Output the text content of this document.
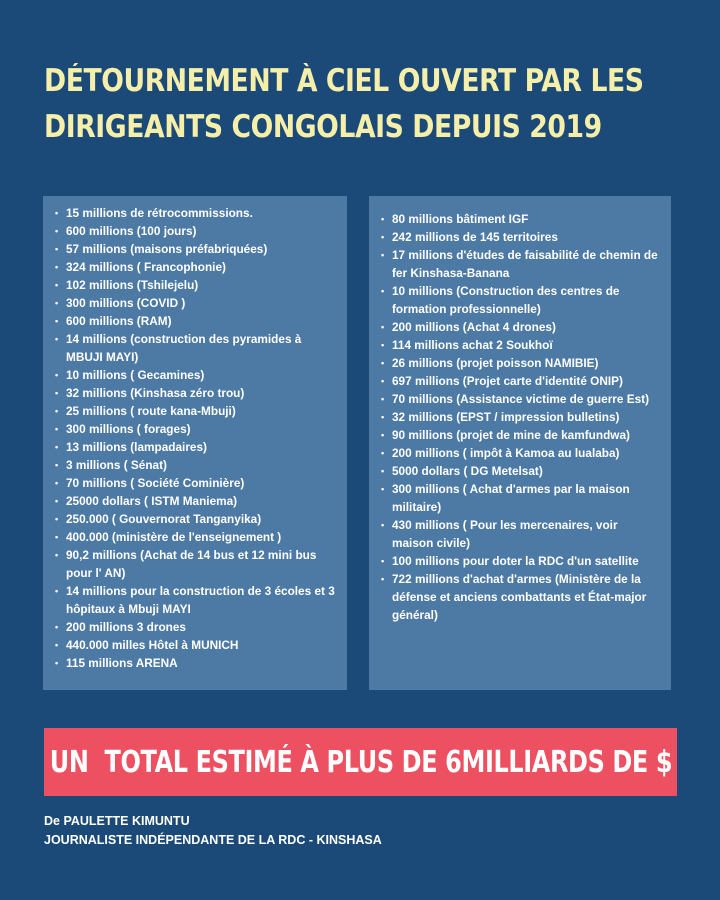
DÉTOURNEMENT À CIEL OUVERT PAR LES
DIRIGEANTS CONGOLAIS DEPUIS 2019
• 15 millions de rétrocommissions.
• 600 millions (100 jours)
• 57 millions (maisons préfabriquées)
• 324 millions ( Francophonie)
• 102 millions (Tshilejelu)
• 300 millions (COVID )
• 600 millions (RAM)
• 14 millions (construction des pyramides à MBUJI MAYI)
• 10 millions ( Gecamines)
• 32 millions (Kinshasa zéro trou)
• 25 millions ( route kana-Mbuji)
• 300 millions ( forages)
• 13 millions (lampadaires)
• 3 millions ( Sénat)
• 70 millions ( Société Cominière)
• 25000 dollars ( ISTM Maniema)
• 250.000 ( Gouvernorat Tanganyika)
• 400.000 (ministère de l'enseignement )
• 90,2 millions (Achat de 14 bus et 12 mini bus pour l' AN)
• 14 millions pour la construction de 3 écoles et 3 hôpitaux à Mbuji MAYI
• 200 millions 3 drones
• 440.000 milles Hôtel à MUNICH
• 115 millions ARENA
• 80 millions bâtiment IGF
• 242 millions de 145 territoires
• 17 millions d'études de faisabilité de chemin de fer Kinshasa-Banana
• 10 millions (Construction des centres de formation professionnelle)
• 200 millions (Achat 4 drones)
• 114 millions achat 2 Soukhoï
• 26 millions (projet poisson NAMIBIE)
• 697 millions (Projet carte d'identité ONIP)
• 70 millions (Assistance victime de guerre Est)
• 32 millions (EPST / impression bulletins)
• 90 millions (projet de mine de kamfundwa)
• 200 millions ( impôt à Kamoa au lualaba)
• 5000 dollars ( DG Metelsat)
• 300 millions ( Achat d'armes par la maison militaire)
• 430 millions ( Pour les mercenaires, voir maison civile)
• 100 millions pour doter la RDC d'un satellite
• 722 millions d'achat d'armes (Ministère de la défense et anciens combattants et État-major général)
UN  TOTAL ESTIMÉ À PLUS DE 6MILLIARDS DE $
De PAULETTE KIMUNTU
JOURNALISTE INDÉPENDANTE DE LA RDC - KINSHASA
